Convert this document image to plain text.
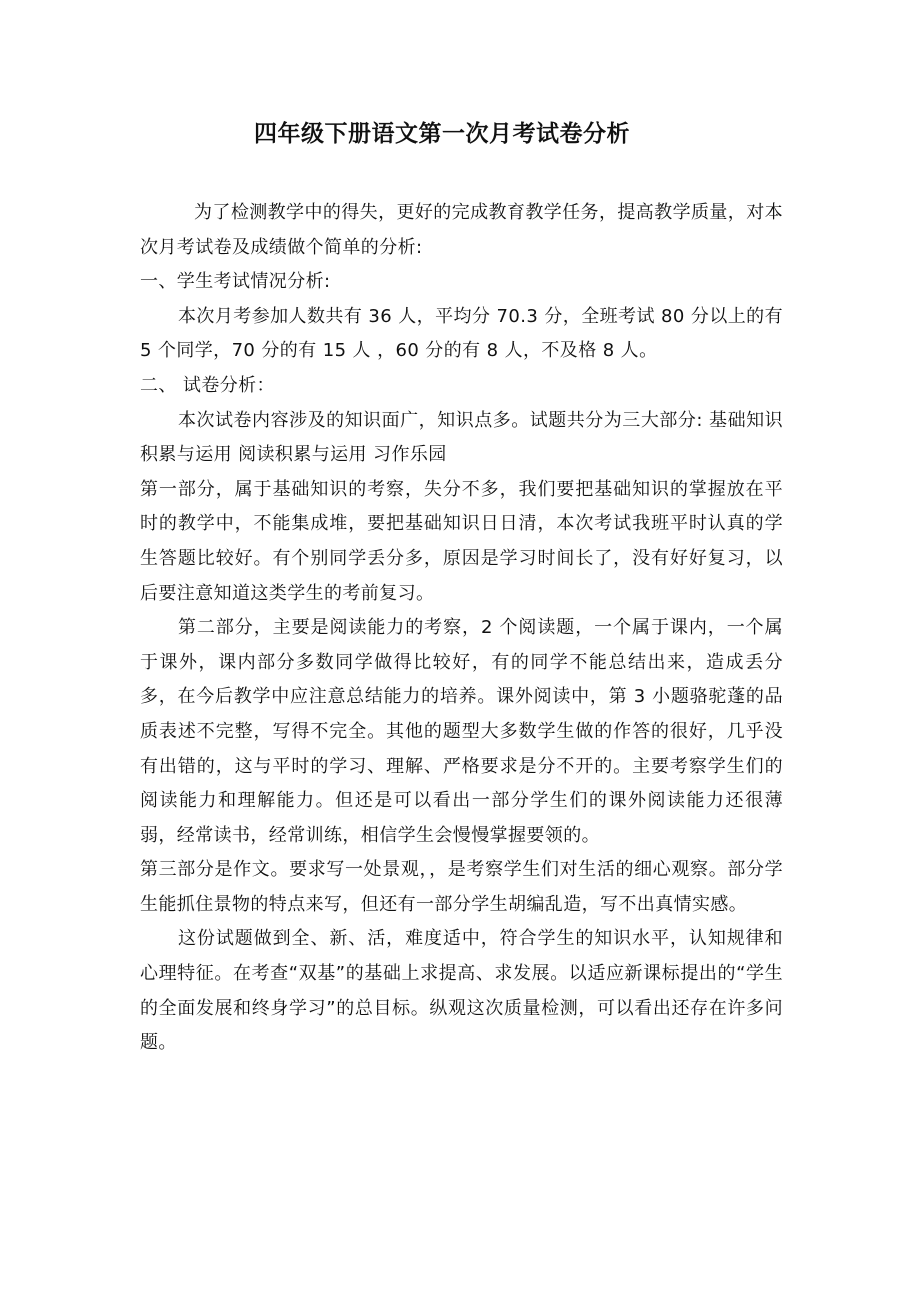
四年级下册语文第一次月考试卷分析

为了检测教学中的得失，更好的完成教育教学任务，提高教学质量，对本次月考试卷及成绩做个简单的分析:

一、学生考试情况分析:

本次月考参加人数共有 36 人，平均分 70.3 分，全班考试 80 分以上的有 5 个同学，70 分的有 15 人 ，60 分的有 8 人，不及格 8 人。

二、 试卷分析：

本次试卷内容涉及的知识面广，知识点多。试题共分为三大部分: 基础知识积累与运用 阅读积累与运用 习作乐园

第一部分，属于基础知识的考察，失分不多，我们要把基础知识的掌握放在平时的教学中，不能集成堆，要把基础知识日日清，本次考试我班平时认真的学生答题比较好。有个别同学丢分多，原因是学习时间长了，没有好好复习，以后要注意知道这类学生的考前复习。

第二部分，主要是阅读能力的考察，2 个阅读题，一个属于课内，一个属于课外，课内部分多数同学做得比较好，有的同学不能总结出来，造成丢分多，在今后教学中应注意总结能力的培养。课外阅读中，第 3 小题骆驼蓬的品质表述不完整，写得不完全。其他的题型大多数学生做的作答的很好，几乎没有出错的，这与平时的学习、理解、严格要求是分不开的。主要考察学生们的阅读能力和理解能力。但还是可以看出一部分学生们的课外阅读能力还很薄弱，经常读书，经常训练，相信学生会慢慢掌握要领的。

第三部分是作文。要求写一处景观，，是考察学生们对生活的细心观察。部分学生能抓住景物的特点来写，但还有一部分学生胡编乱造，写不出真情实感。

这份试题做到全、新、活，难度适中，符合学生的知识水平，认知规律和心理特征。在考查“双基”的基础上求提高、求发展。以适应新课标提出的“学生的全面发展和终身学习”的总目标。纵观这次质量检测，可以看出还存在许多问题。
